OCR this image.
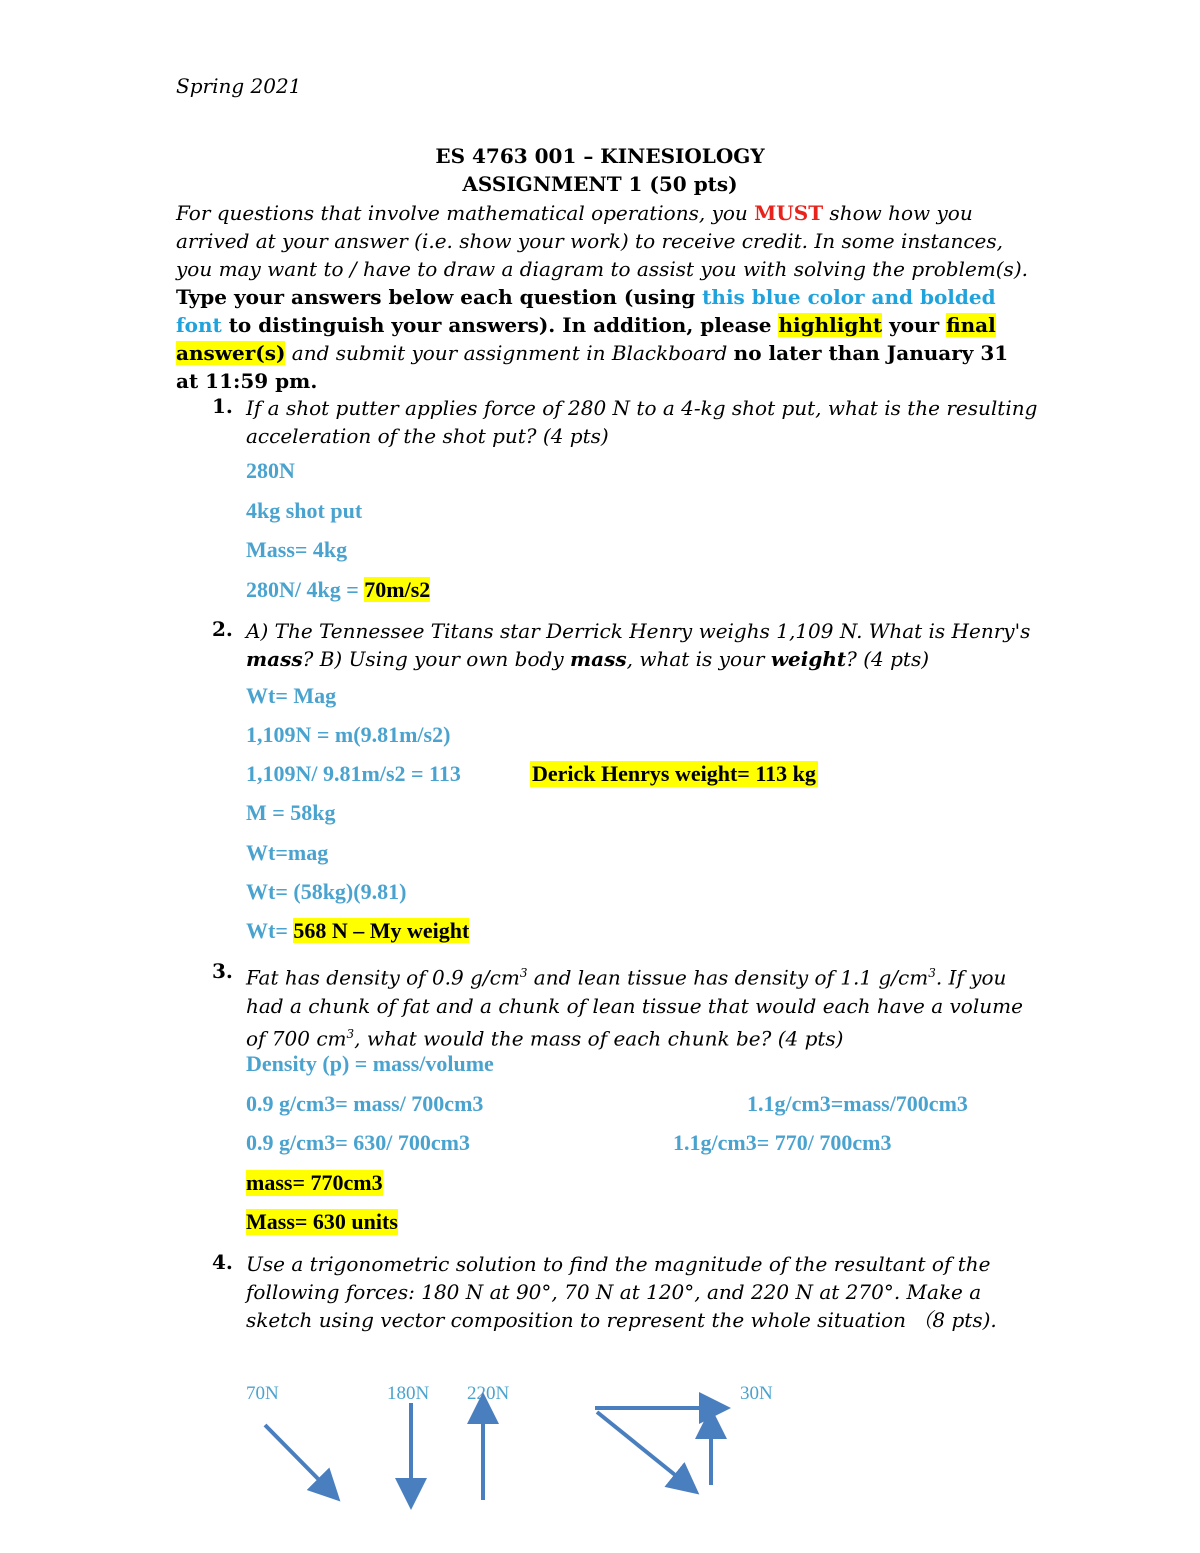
Spring 2021
ES 4763 001 – KINESIOLOGY
ASSIGNMENT 1 (50 pts)
For questions that involve mathematical operations, you MUST show how you arrived at your answer (i.e. show your work) to receive credit. In some instances, you may want to / have to draw a diagram to assist you with solving the problem(s). Type your answers below each question (using this blue color and bolded font to distinguish your answers). In addition, please highlight your final answer(s) and submit your assignment in Blackboard no later than January 31 at 11:59 pm.
1. If a shot putter applies force of 280 N to a 4-kg shot put, what is the resulting acceleration of the shot put? (4 pts)
280N
4kg shot put
Mass= 4kg
280N/ 4kg = 70m/s2
2. A) The Tennessee Titans star Derrick Henry weighs 1,109 N. What is Henry's mass? B) Using your own body mass, what is your weight? (4 pts)
Wt= Mag
1,109N = m(9.81m/s2)
1,109N/ 9.81m/s2 = 113	Derick Henrys weight= 113 kg
M = 58kg
Wt=mag
Wt= (58kg)(9.81)
Wt= 568 N – My weight
3. Fat has density of 0.9 $g/cm^3$ and lean tissue has density of 1.1 $g/cm^3$. If you had a chunk of fat and a chunk of lean tissue that would each have a volume of 700 $cm^3$, what would the mass of each chunk be? (4 pts)
Density (p) = mass/volume
0.9 g/cm3= mass/ 700cm3	1.1g/cm3=mass/700cm3
0.9 g/cm3= 630/ 700cm3	1.1g/cm3= 770/ 700cm3
mass= 770cm3
Mass= 630 units
4. Use a trigonometric solution to find the magnitude of the resultant of the following forces: 180 N at 90°, 70 N at 120°, and 220 N at 270°. Make a sketch using vector composition to represent the whole situation （8 pts).
70N	180N 220N	30N
